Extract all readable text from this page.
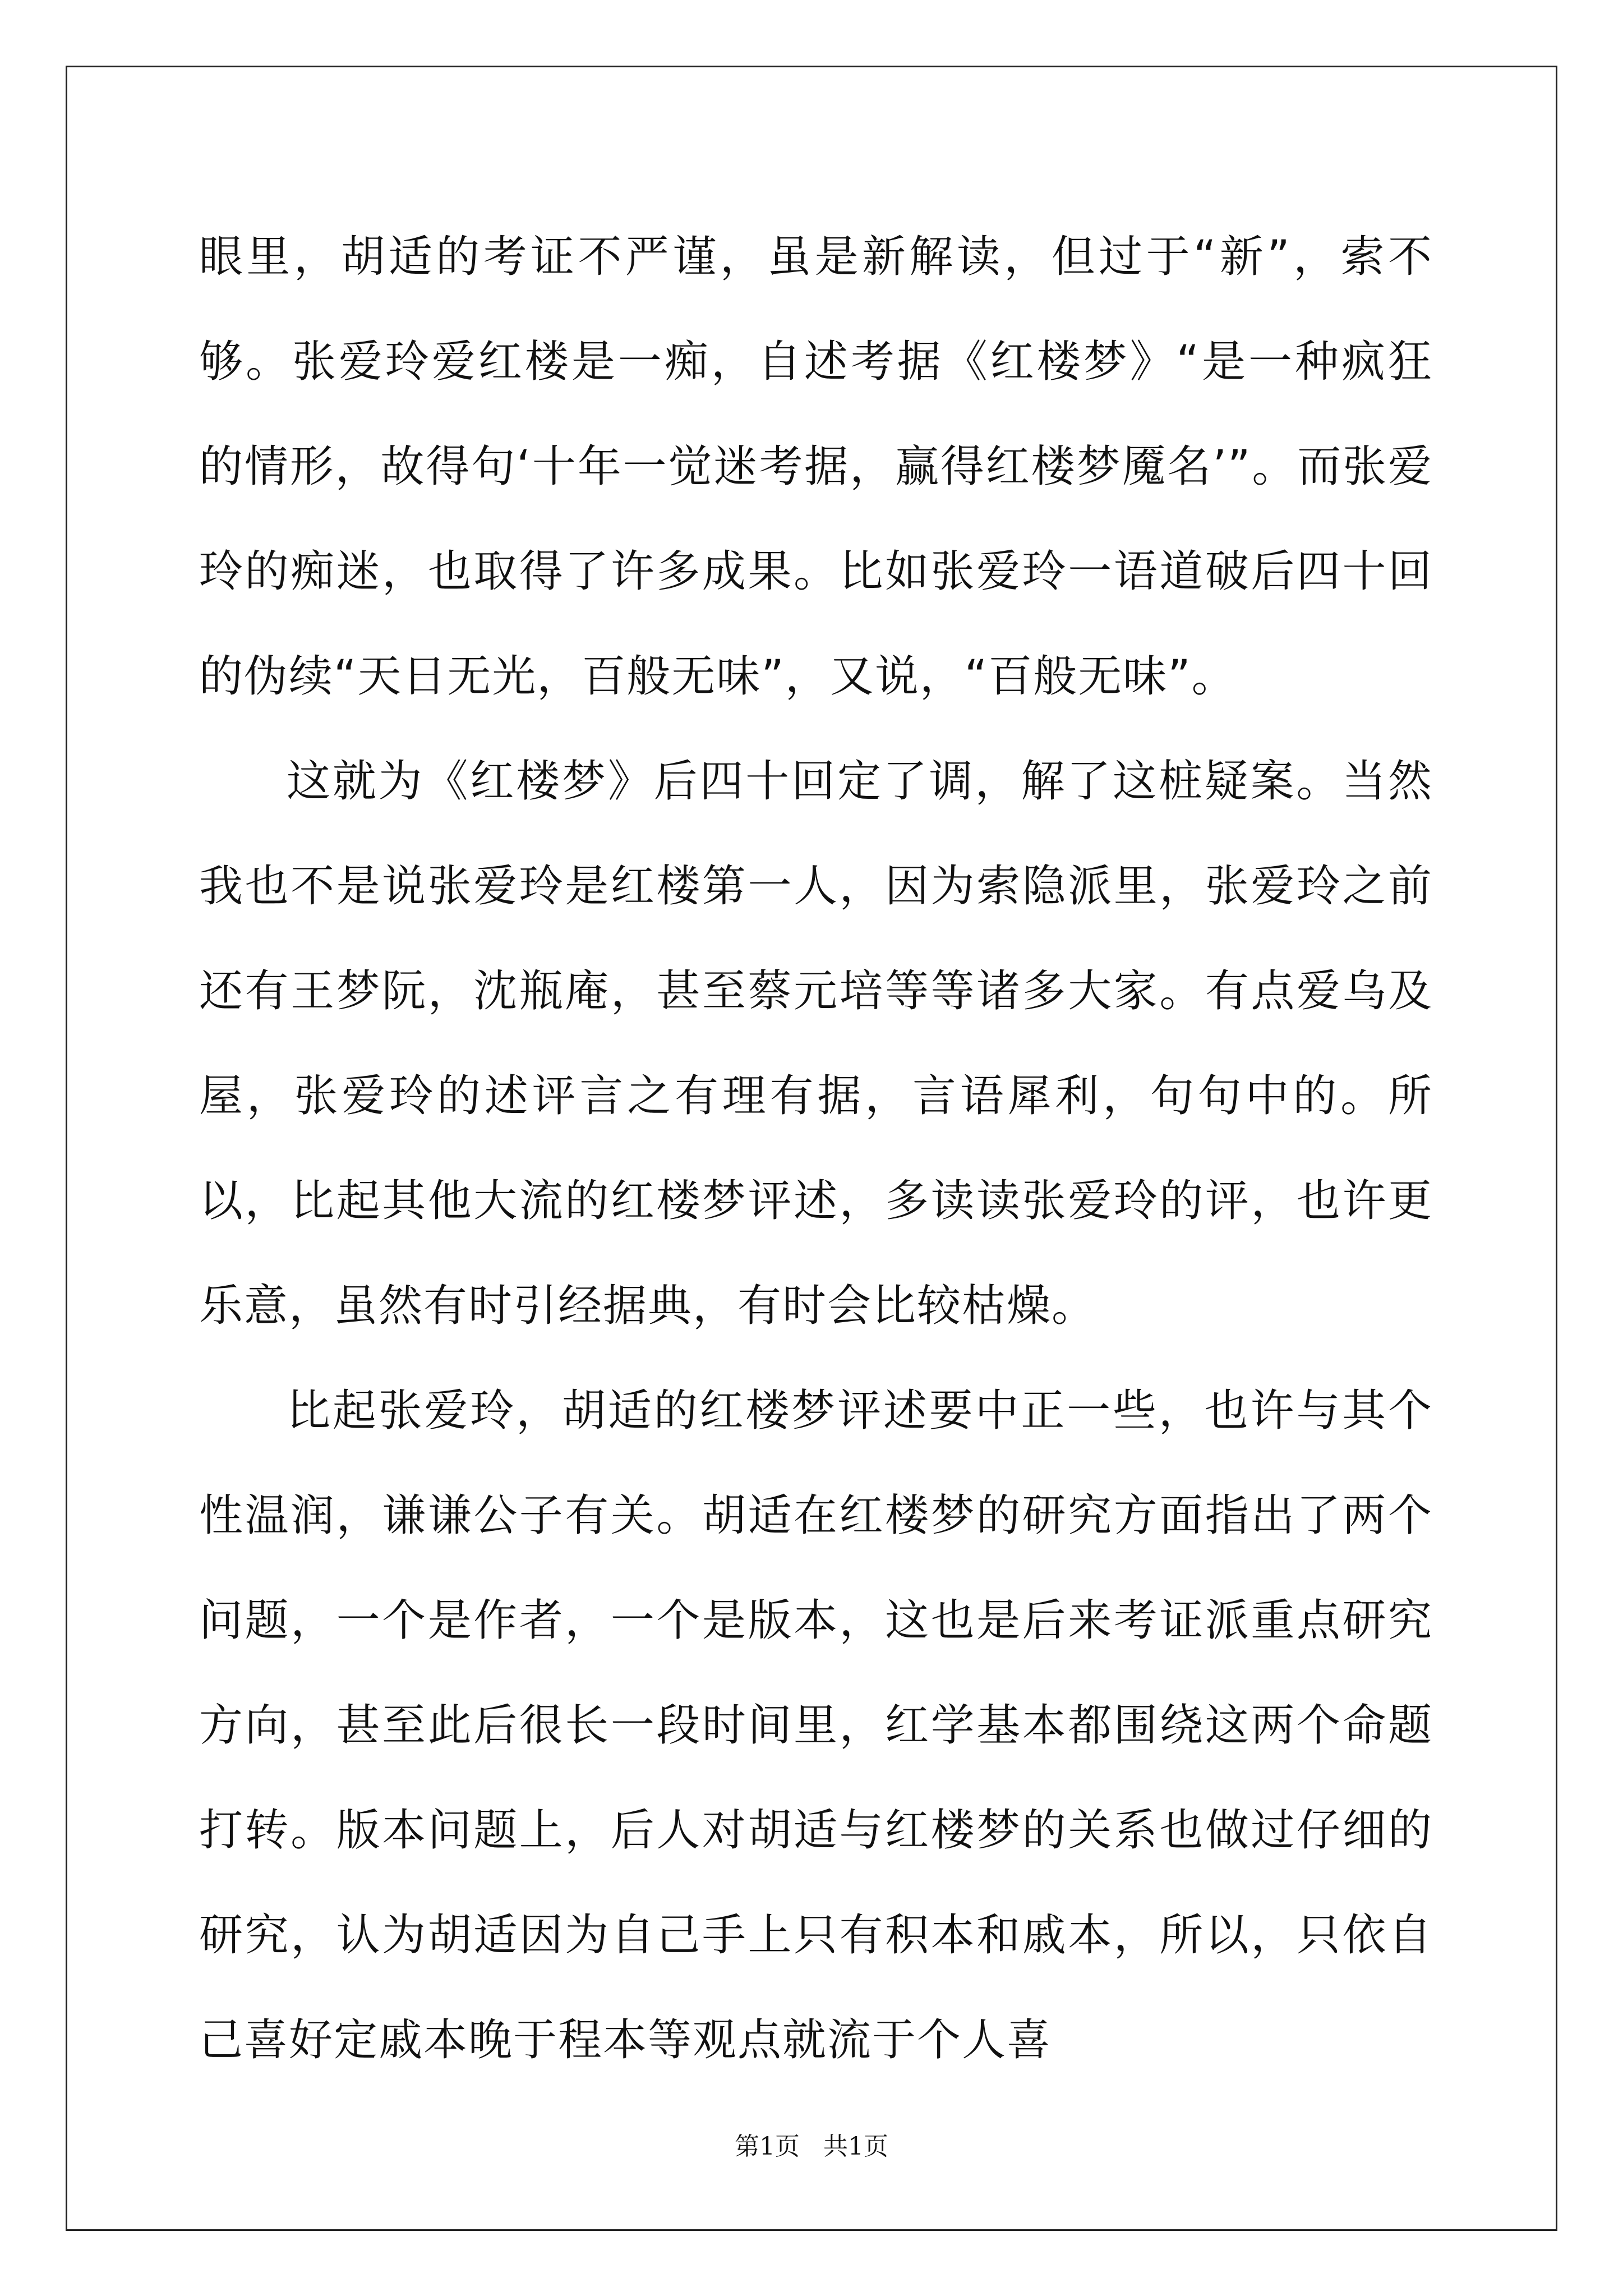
眼里，胡适的考证不严谨，虽是新解读，但过于“新”，索不够。张爱玲爱红楼是一痴，自述考据《红楼梦》“是一种疯狂的情形，故得句‘十年一觉迷考据，赢得红楼梦魇名’”。而张爱玲的痴迷，也取得了许多成果。比如张爱玲一语道破后四十回的伪续“天日无光，百般无味”，又说，“百般无味”。

这就为《红楼梦》后四十回定了调，解了这桩疑案。当然我也不是说张爱玲是红楼第一人，因为索隐派里，张爱玲之前还有王梦阮，沈瓶庵，甚至蔡元培等等诸多大家。有点爱乌及屋，张爱玲的述评言之有理有据，言语犀利，句句中的。所以，比起其他大流的红楼梦评述，多读读张爱玲的评，也许更乐意，虽然有时引经据典，有时会比较枯燥。

比起张爱玲，胡适的红楼梦评述要中正一些，也许与其个性温润，谦谦公子有关。胡适在红楼梦的研究方面指出了两个问题，一个是作者，一个是版本，这也是后来考证派重点研究方向，甚至此后很长一段时间里，红学基本都围绕这两个命题打转。版本问题上，后人对胡适与红楼梦的关系也做过仔细的研究，认为胡适因为自己手上只有积本和戚本，所以，只依自己喜好定戚本晚于程本等观点就流于个人喜

第1页   共1页
